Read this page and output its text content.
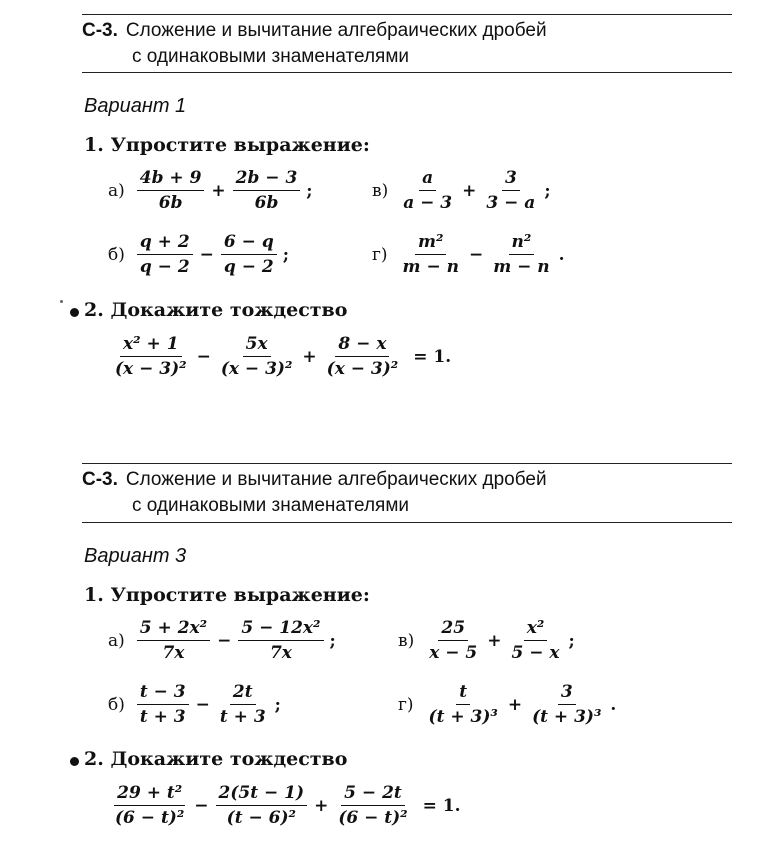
С-3. Сложение и вычитание алгебраических дробей
с одинаковыми знаменателями
Вариант 1
1. Упростите выражение:
$а) \frac{4b + 9}{6b} + \frac{2b - 3}{6b}$ ;
$б) \frac{q + 2}{q - 2} - \frac{6 - q}{q - 2}$ ;
$в) \frac{a}{a - 3} + \frac{3}{3 - a}$ ;
$г) \frac{\text{m²}}{m - n} - \frac{\text{n²}}{m - n}$ .
2. Докажите тождество
$\frac{\text{x² + 1}}{\text{(x − 3)²}} - \frac{5x}{\text{(x − 3)²}} + \frac{8 - x}{\text{(x − 3)²}} = 1$.
С-3. Сложение и вычитание алгебраических дробей
с одинаковыми знаменателями
Вариант 3
1. Упростите выражение:
$а) \frac{\text{5 + 2x²}}{7x} - \frac{\text{5 − 12x²}}{7x}$ ;
$б) \frac{t - 3}{t + 3} - \frac{2t}{t + 3}$ ;
$в) \frac{25}{x - 5} + \frac{\text{x²}}{5 - x}$ ;
$г) \frac{t}{\text{(t + 3)³}} + \frac{3}{\text{(t + 3)³}}$ .
2. Докажите тождество
$\frac{\text{29 + t²}}{\text{(6 − t)²}} - \frac{2(5t - 1)}{\text{(t − 6)²}} + \frac{5 - 2t}{\text{(6 − t)²}} = 1$.
